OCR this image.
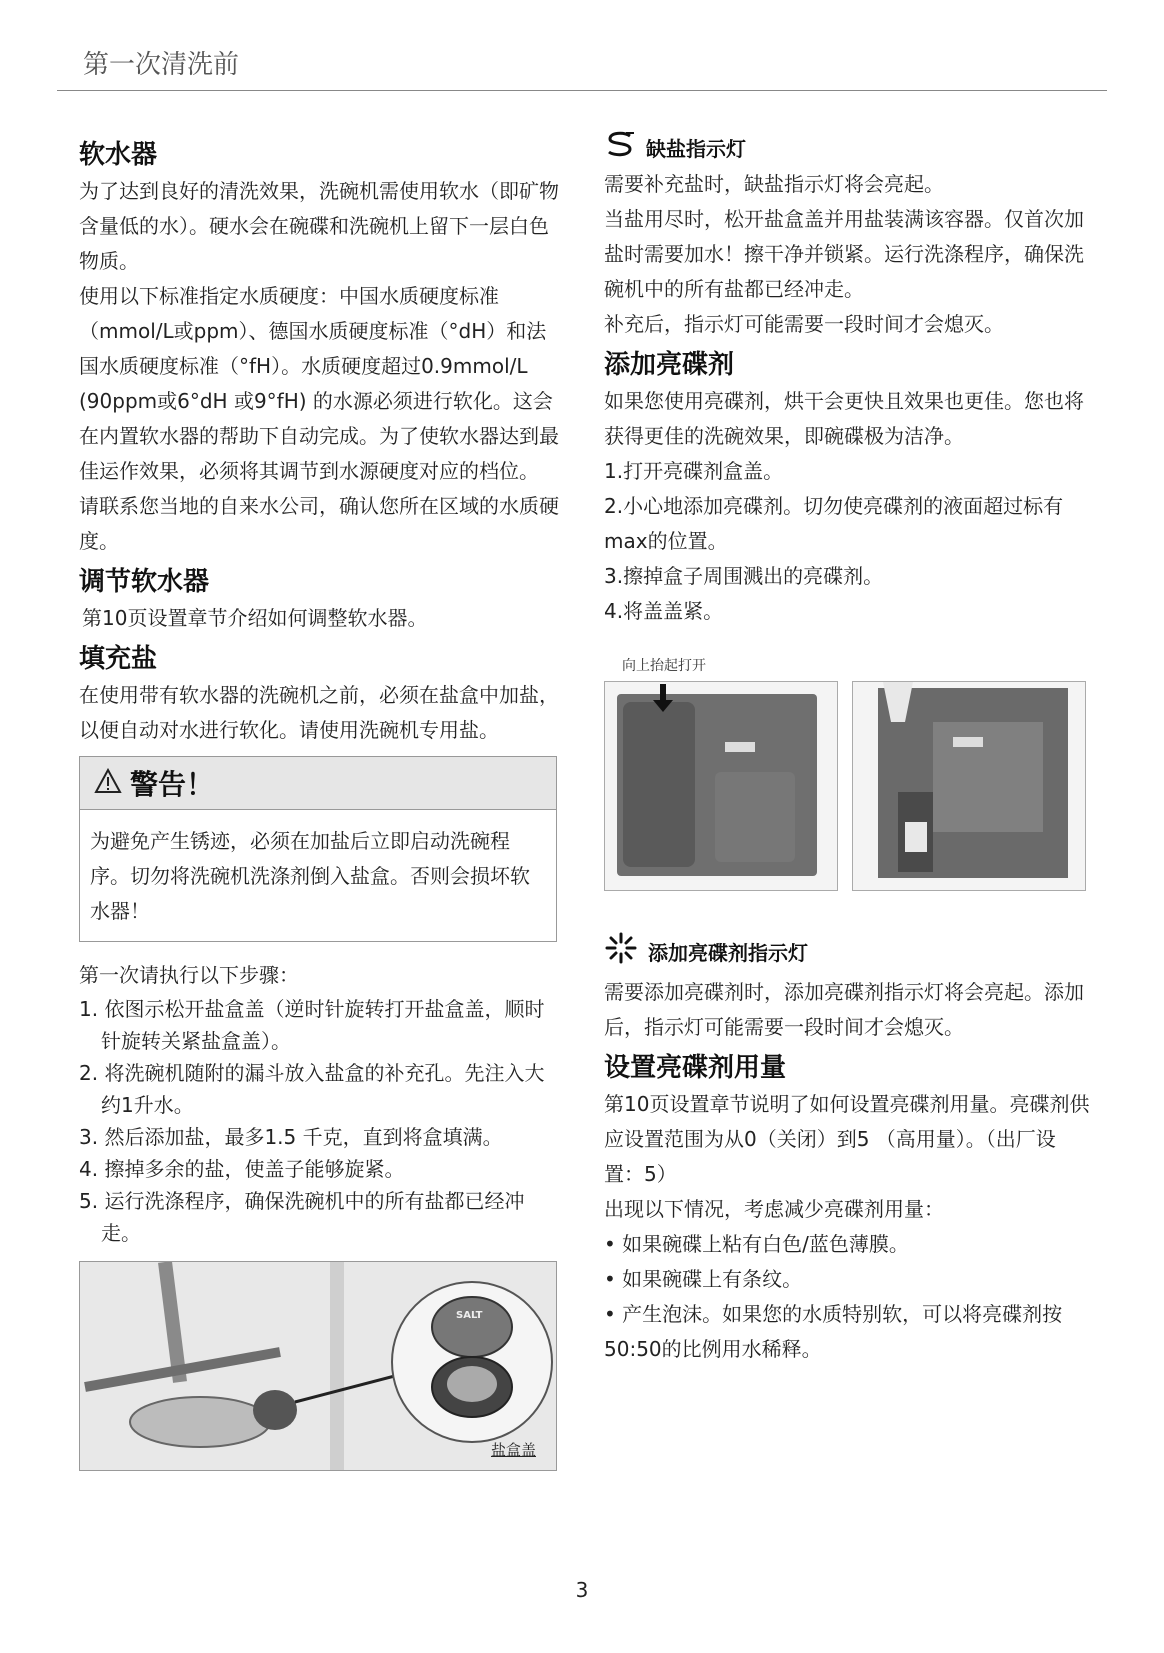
第一次清洗前
软水器

为了达到良好的清洗效果，洗碗机需使用软水（即矿物含量低的水）。硬水会在碗碟和洗碗机上留下一层白色物质。

使用以下标准指定水质硬度：中国水质硬度标准（mmol/L或ppm）、德国水质硬度标准（°dH）和法国水质硬度标准（°fH）。水质硬度超过0.9mmol/L (90ppm或6°dH 或9°fH) 的水源必须进行软化。这会在内置软水器的帮助下自动完成。为了使软水器达到最佳运作效果，必须将其调节到水源硬度对应的档位。

请联系您当地的自来水公司，确认您所在区域的水质硬度。

调节软水器

第10页设置章节介绍如何调整软水器。

填充盐

在使用带有软水器的洗碗机之前，必须在盐盒中加盐，以便自动对水进行软化。请使用洗碗机专用盐。

警告！

为避免产生锈迹，必须在加盐后立即启动洗碗程序。切勿将洗碗机洗涤剂倒入盐盒。否则会损坏软水器！

第一次请执行以下步骤：

1. 依图示松开盐盒盖（逆时针旋转打开盐盒盖，顺时针旋转关紧盐盒盖）。
2. 将洗碗机随附的漏斗放入盐盒的补充孔。先注入大约1升水。
3. 然后添加盐，最多1.5 千克，直到将盒填满。
4. 擦掉多余的盐，使盖子能够旋紧。
5. 运行洗涤程序，确保洗碗机中的所有盐都已经冲走。
SALT
盐盒盖
缺盐指示灯

需要补充盐时，缺盐指示灯将会亮起。

当盐用尽时，松开盐盒盖并用盐装满该容器。仅首次加盐时需要加水！擦干净并锁紧。运行洗涤程序，确保洗碗机中的所有盐都已经冲走。

补充后，指示灯可能需要一段时间才会熄灭。

添加亮碟剂

如果您使用亮碟剂，烘干会更快且效果也更佳。您也将获得更佳的洗碗效果，即碗碟极为洁净。

1.打开亮碟剂盒盖。

2.小心地添加亮碟剂。切勿使亮碟剂的液面超过标有max的位置。

3.擦掉盒子周围溅出的亮碟剂。

4.将盖盖紧。

向上抬起打开
添加亮碟剂指示灯

需要添加亮碟剂时，添加亮碟剂指示灯将会亮起。添加后，指示灯可能需要一段时间才会熄灭。

设置亮碟剂用量

第10页设置章节说明了如何设置亮碟剂用量。亮碟剂供应设置范围为从0（关闭）到5 （高用量）。（出厂设置：5）

出现以下情况，考虑减少亮碟剂用量：

• 如果碗碟上粘有白色/蓝色薄膜。

• 如果碗碟上有条纹。

• 产生泡沫。如果您的水质特别软，可以将亮碟剂按50:50的比例用水稀释。

3
